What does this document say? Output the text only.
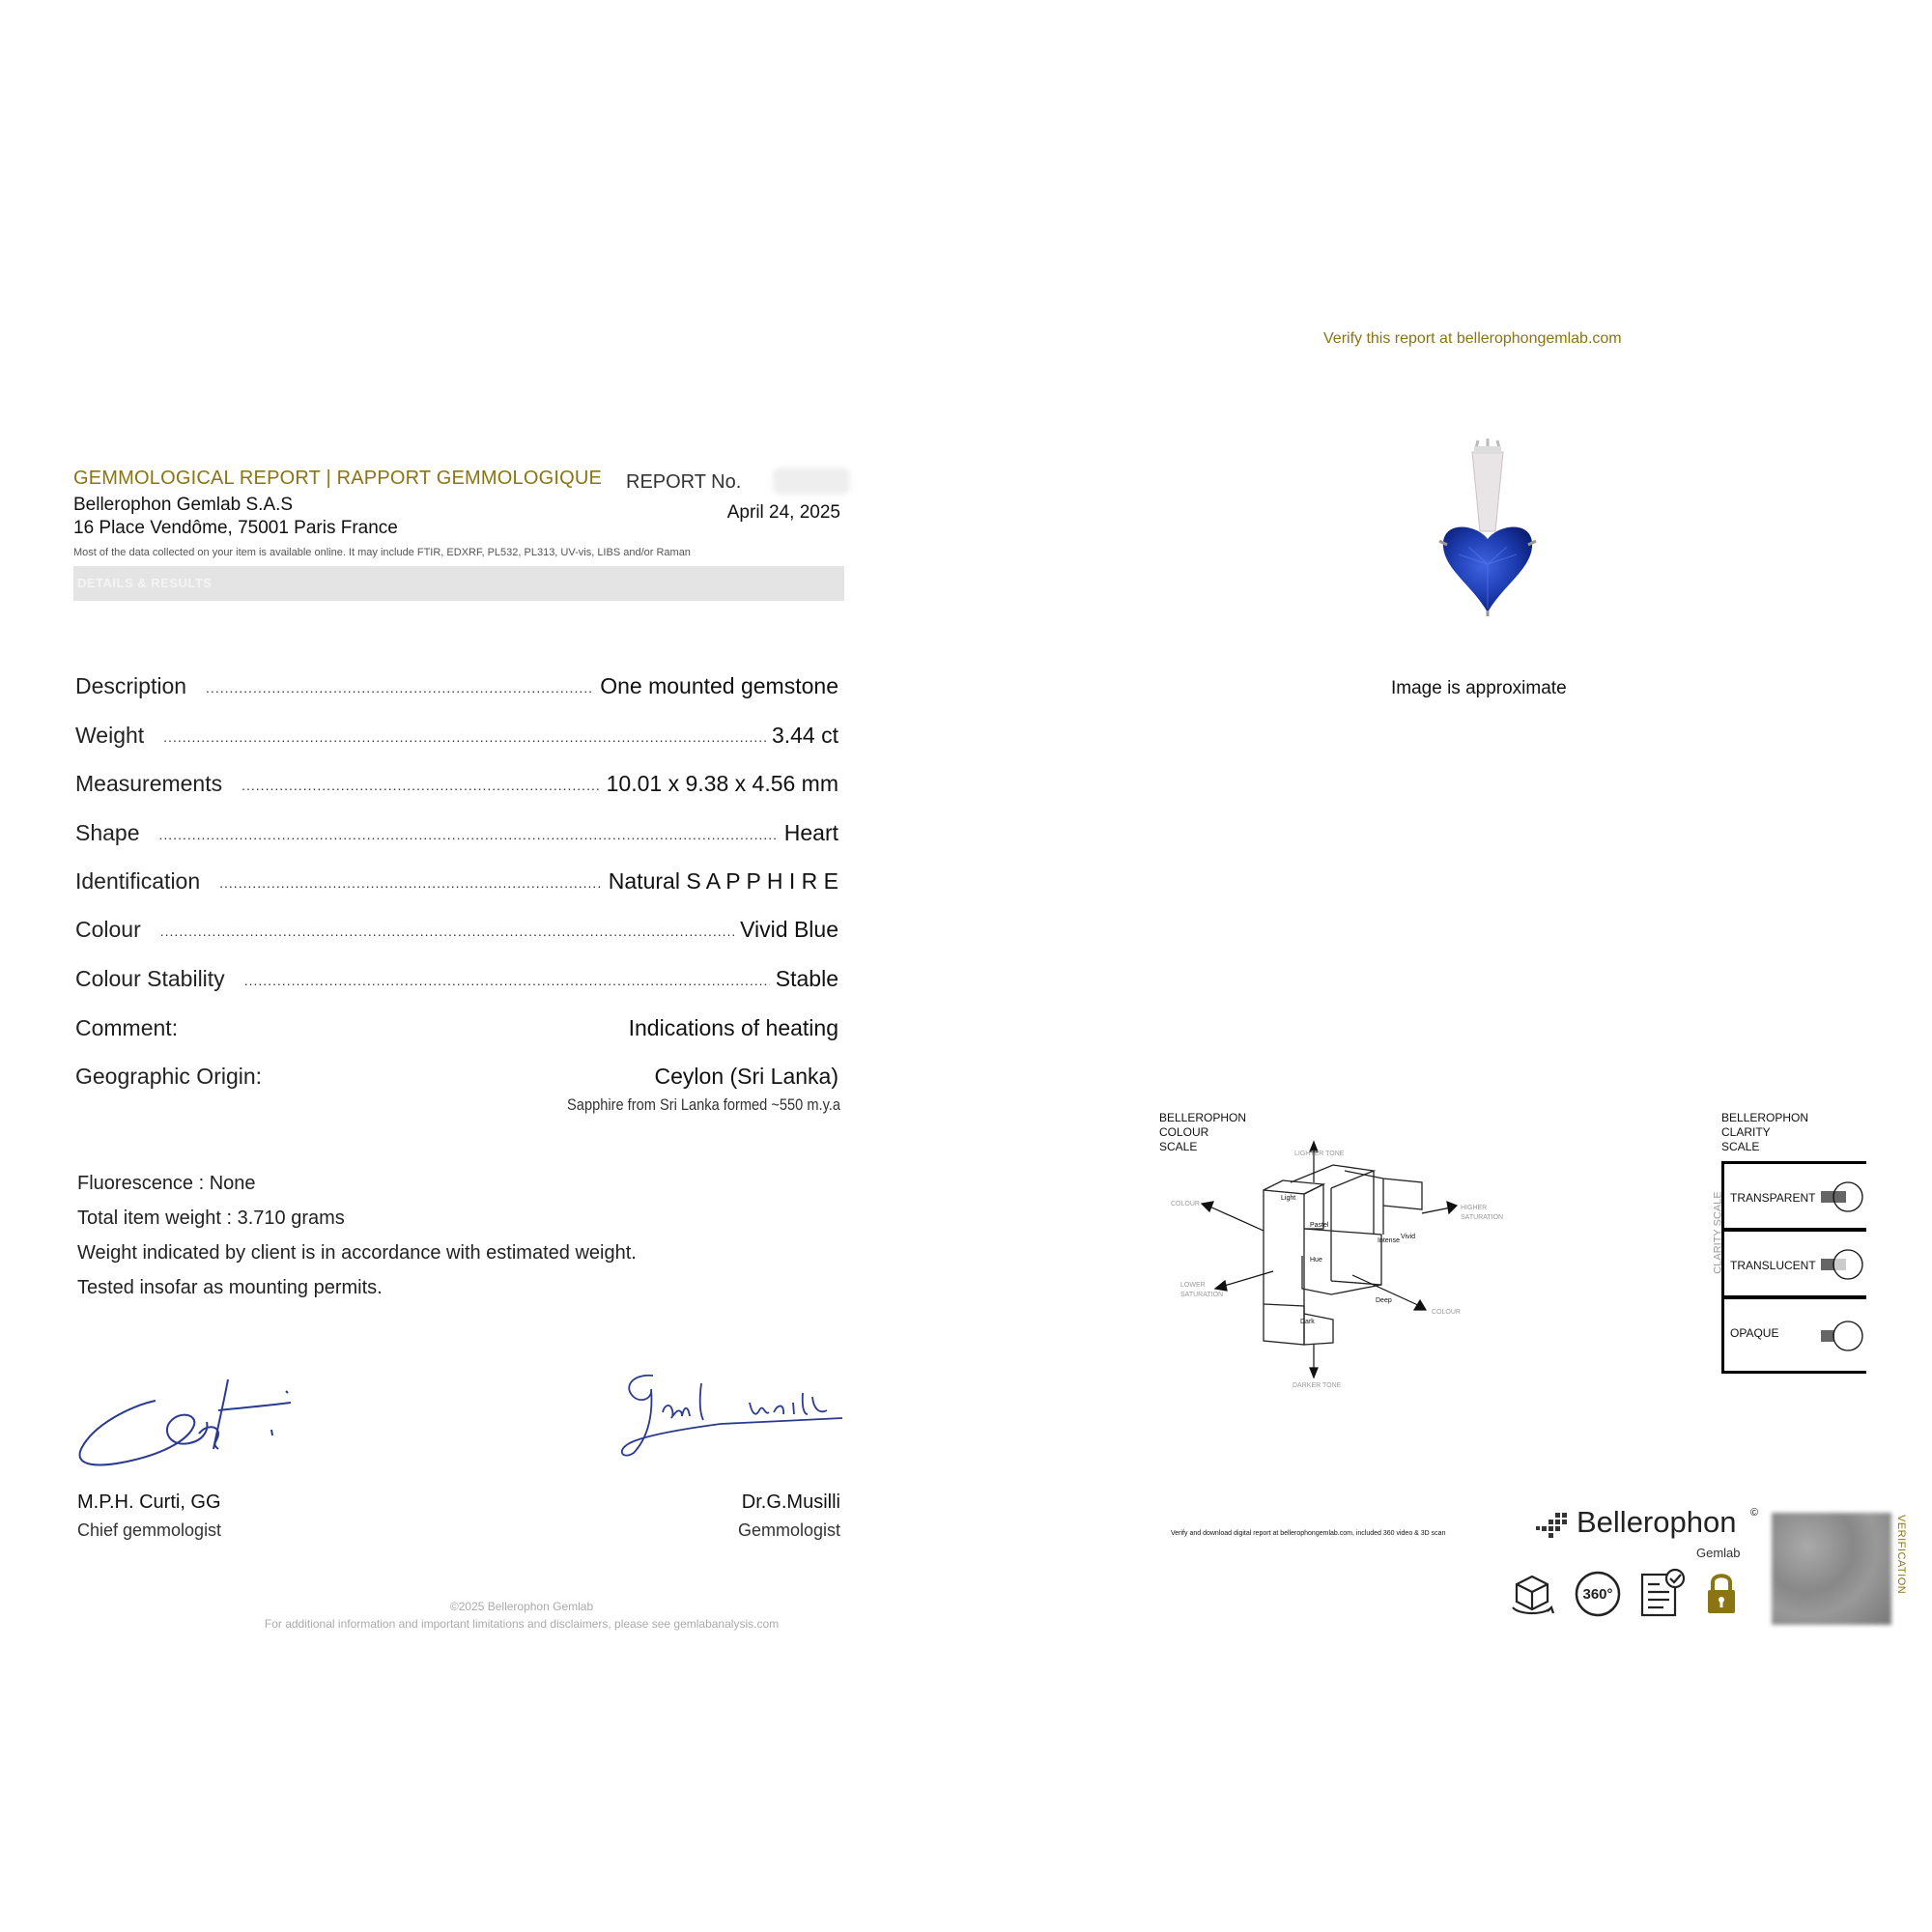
GEMMOLOGICAL REPORT | RAPPORT GEMMOLOGIQUE
Bellerophon Gemlab S.A.S
16 Place Vendôme, 75001 Paris France
REPORT No.
April 24, 2025
Most of the data collected on your item is available online. It may include FTIR, EDXRF, PL532, PL313, UV-vis, LIBS and/or Raman
DETAILS & RESULTS
Description .....	One mounted gemstone
Weight .....	3.44 ct
Measurements .....	10.01 x 9.38 x 4.56 mm
Shape .....	Heart
Identification .....	Natural S A P P H I R E
Colour .....	Vivid Blue
Colour Stability .....	Stable
Comment:	Indications of heating
Geographic Origin:	Ceylon (Sri Lanka)
Sapphire from Sri Lanka formed ~550 m.y.a
Fluorescence : None
Total item weight : 3.710 grams
Weight indicated by client is in accordance with estimated weight.
Tested insofar as mounting permits.
M.P.H. Curti, GG
Chief gemmologist
Dr.G.Musilli
Gemmologist
©2025 Bellerophon Gemlab
For additional information and important limitations and disclaimers, please see gemlabanalysis.com
Verify this report at bellerophongemlab.com
Image is approximate
BELLEROPHON
COLOUR
SCALE
Light
Pastel
Hue
Intense
Vivid
Deep
Dark
LIGHTER TONE
DARKER TONE
COLOUR
LOWER
SATURATION
HIGHER
SATURATION
COLOUR
BELLEROPHON
CLARITY
SCALE
CLARITY SCALE TRANSPARENT
TRANSLUCENT
OPAQUE
Verify and download digital report at bellerophongemlab.com, included 360 video & 3D scan	Bellerophon ©
Gemlab
360°
VERIFICATION
